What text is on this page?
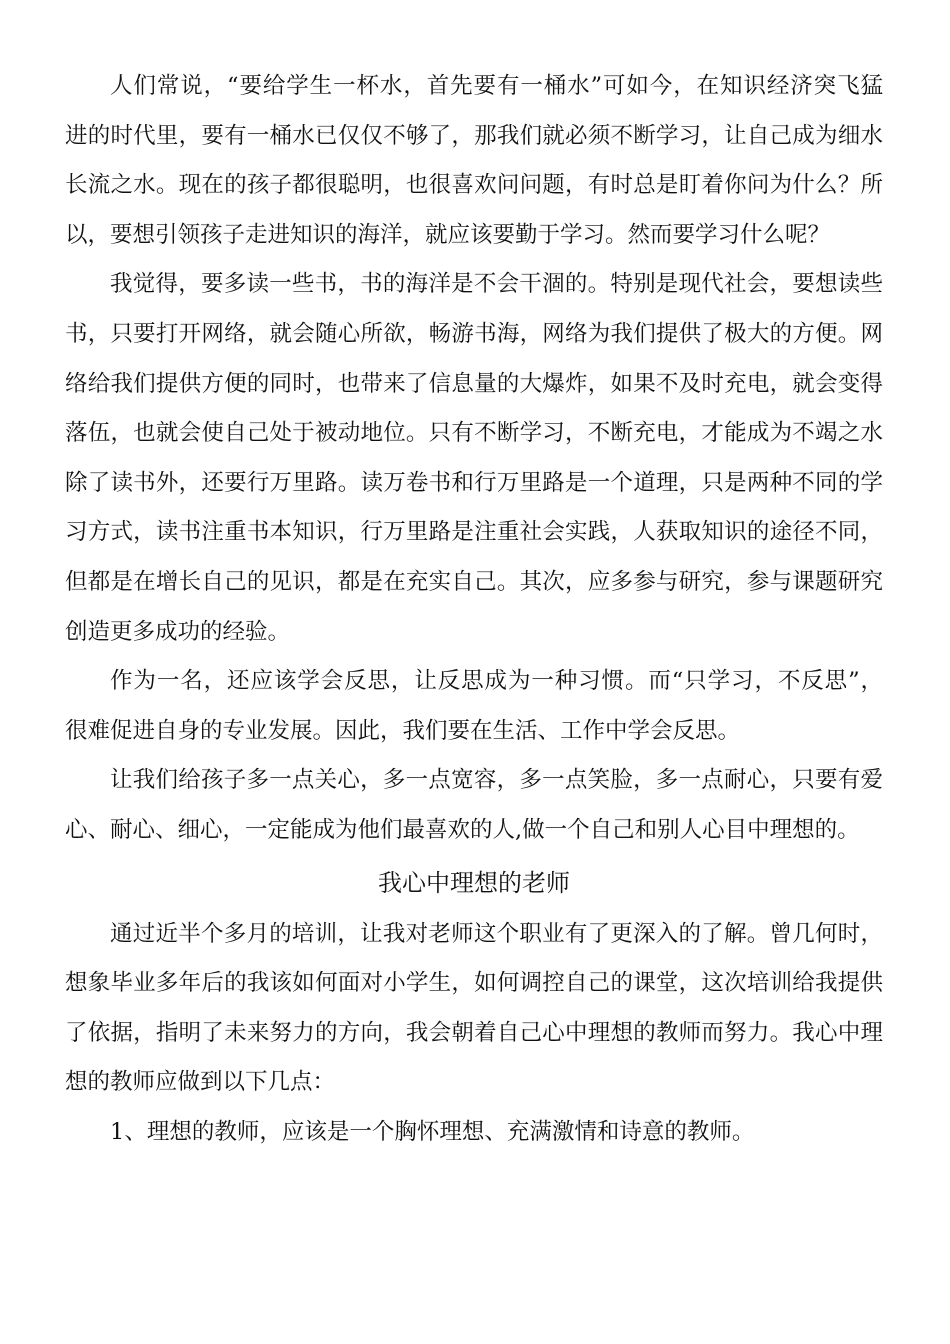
人们常说，“要给学生一杯水，首先要有一桶水”可如今，在知识经济突飞猛
进的时代里，要有一桶水已仅仅不够了，那我们就必须不断学习，让自己成为细水
长流之水。现在的孩子都很聪明，也很喜欢问问题，有时总是盯着你问为什么？所
以，要想引领孩子走进知识的海洋，就应该要勤于学习。然而要学习什么呢？
我觉得，要多读一些书，书的海洋是不会干涸的。特别是现代社会，要想读些
书，只要打开网络，就会随心所欲，畅游书海，网络为我们提供了极大的方便。网
络给我们提供方便的同时，也带来了信息量的大爆炸，如果不及时充电，就会变得
落伍，也就会使自己处于被动地位。只有不断学习，不断充电，才能成为不竭之水
除了读书外，还要行万里路。读万卷书和行万里路是一个道理，只是两种不同的学
习方式，读书注重书本知识，行万里路是注重社会实践，人获取知识的途径不同，
但都是在增长自己的见识，都是在充实自己。其次，应多参与研究，参与课题研究
创造更多成功的经验。
作为一名，还应该学会反思，让反思成为一种习惯。而“只学习，不反思”，
很难促进自身的专业发展。因此，我们要在生活、工作中学会反思。
让我们给孩子多一点关心，多一点宽容，多一点笑脸，多一点耐心，只要有爱
心、耐心、细心，一定能成为他们最喜欢的人,做一个自己和别人心目中理想的。
我心中理想的老师
通过近半个多月的培训，让我对老师这个职业有了更深入的了解。曾几何时，
想象毕业多年后的我该如何面对小学生，如何调控自己的课堂，这次培训给我提供
了依据，指明了未来努力的方向，我会朝着自己心中理想的教师而努力。我心中理
想的教师应做到以下几点：
1、理想的教师，应该是一个胸怀理想、充满激情和诗意的教师。
